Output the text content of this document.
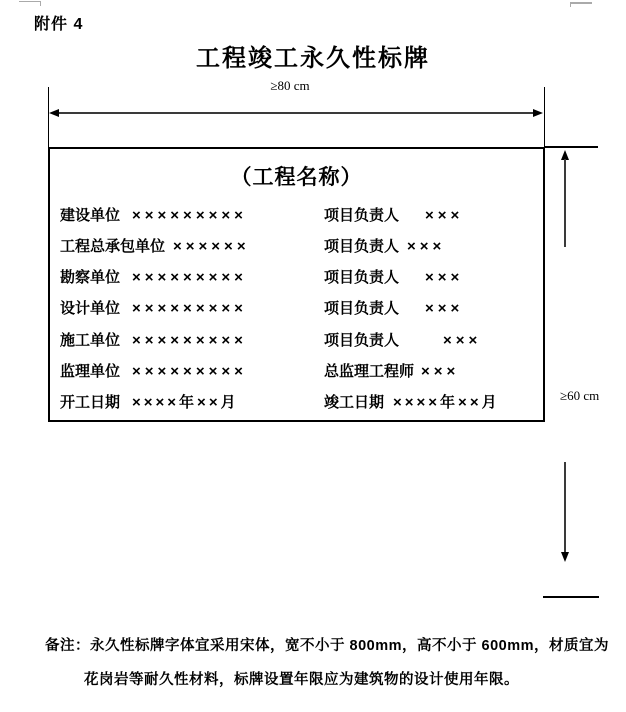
附件 4
工程竣工永久性标牌
≥80 cm
（工程名称）
建设单位 ×××××××××	项目负责人 ×××
工程总承包单位 ××××××	项目负责人 ×××
勘察单位 ×××××××××	项目负责人 ×××
设计单位 ×××××××××	项目负责人 ×××
施工单位 ×××××××××	项目负责人	×××
监理单位 ×××××××××	总监理工程师 ×××
开工日期 ××××年××月	竣工日期 ××××年××月	≥60 cm
备注：永久性标牌字体宜采用宋体，宽不小于 800mm，高不小于 600mm，材质宜为
花岗岩等耐久性材料，标牌设置年限应为建筑物的设计使用年限。
